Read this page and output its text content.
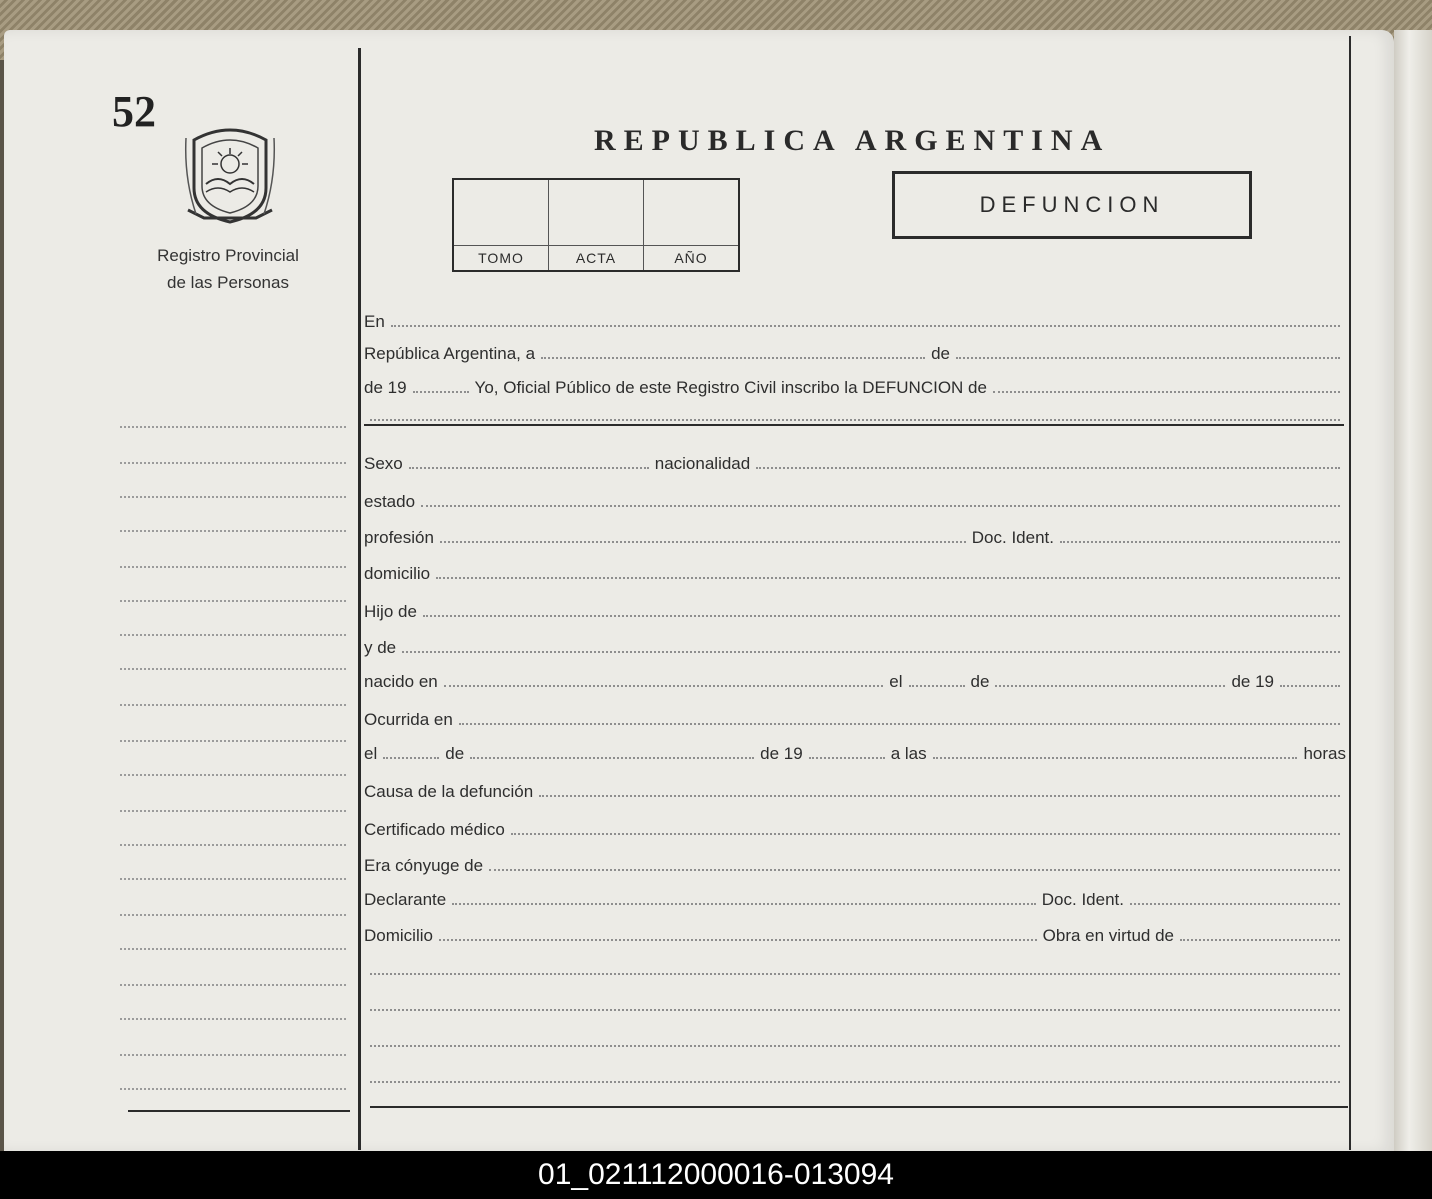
52
Registro Provincial
de las Personas
REPUBLICA ARGENTINA
TOMO	ACTA	AÑO
DEFUNCION
En
República Argentina, a	de
de 19	Yo, Oficial Público de este Registro Civil inscribo la DEFUNCION de
Sexo	nacionalidad
estado
profesión	Doc. Ident.
domicilio
Hijo de
y de
nacido en	el	de	de 19
Ocurrida en
el	de	de 19	a las	horas
Causa de la defunción
Certificado médico
Era cónyuge de
Declarante	Doc. Ident.
Domicilio	Obra en virtud de
01_021112000016-013094
